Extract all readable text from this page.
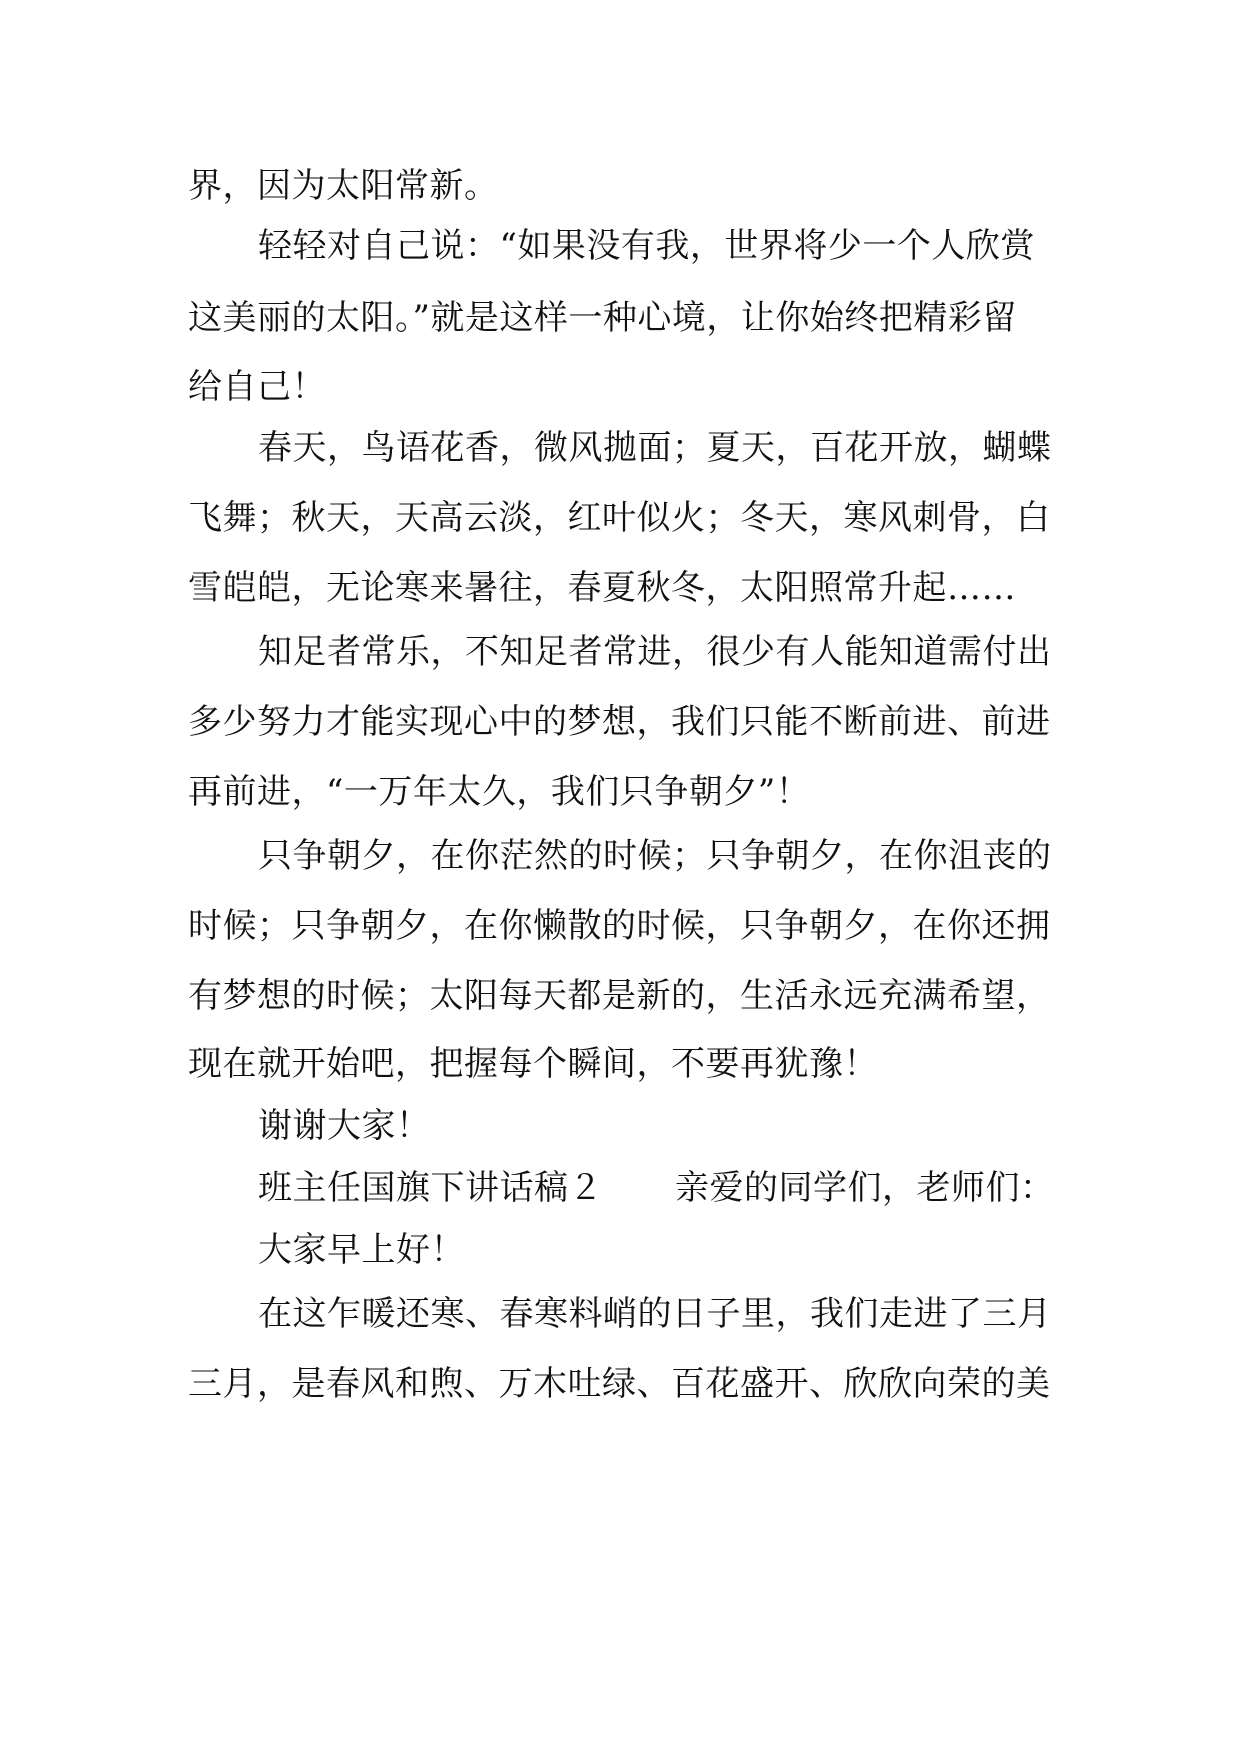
界，因为太阳常新。
轻轻对自己说：“如果没有我，世界将少一个人欣赏
这美丽的太阳。”就是这样一种心境，让你始终把精彩留
给自己！
春天，鸟语花香，微风拋面；夏天，百花开放，蝴蝶
飞舞；秋天，天高云淡，红叶似火；冬天，寒风刺骨，白
雪皑皑，无论寒来暑往，春夏秋冬，太阳照常升起……
知足者常乐，不知足者常进，很少有人能知道需付出
多少努力才能实现心中的梦想，我们只能不断前进、前进
再前进，“一万年太久，我们只争朝夕”！
只争朝夕，在你茫然的时候；只争朝夕，在你沮丧的
时候；只争朝夕，在你懒散的时候，只争朝夕，在你还拥
有梦想的时候；太阳每天都是新的，生活永远充满希望，
现在就开始吧，把握每个瞬间，不要再犹豫！
谢谢大家！
班主任国旗下讲话稿２ 亲爱的同学们，老师们：
大家早上好！
在这乍暖还寒、春寒料峭的日子里，我们走进了三月
三月，是春风和煦、万木吐绿、百花盛开、欣欣向荣的美
